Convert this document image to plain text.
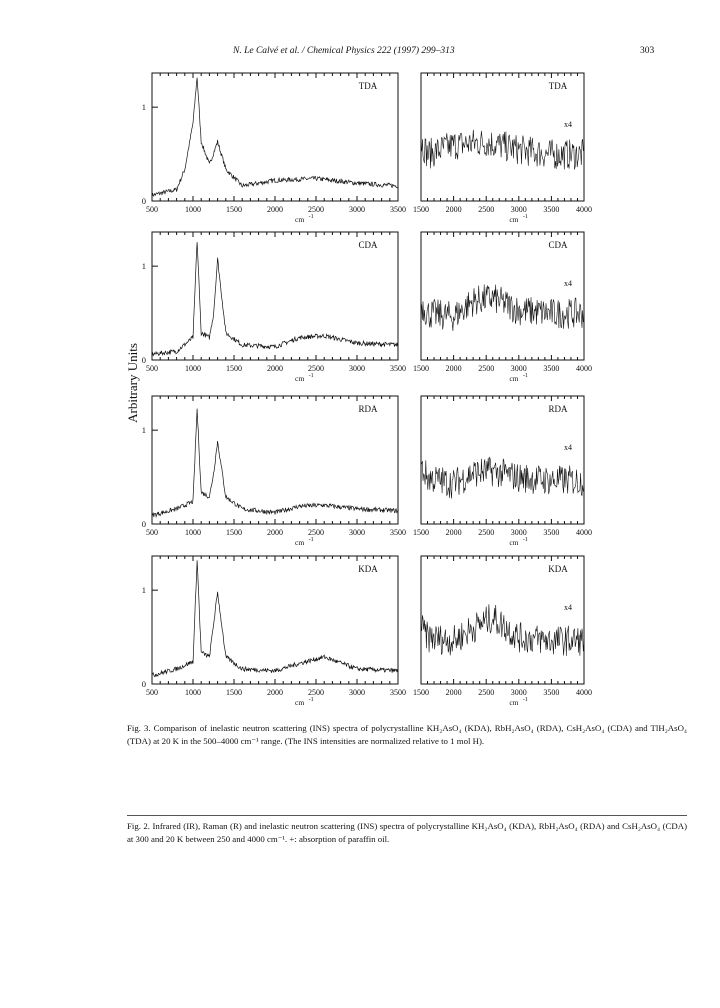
N. Le Calvé et al. / Chemical Physics 222 (1997) 299–313	303
Arbitrary Units
TDA	TDA
x4
0
1
500	1000	1500	2000	2500	3000	3500 1500 2000 2500 3000 3500 4000
cm -1	cm -1
CDA	CDA
x4
0
1
500	1000	1500	2000	2500	3000	3500 1500 2000 2500 3000 3500 4000
cm -1	cm -1
RDA	RDA
x4
0
1
500	1000	1500	2000	2500	3000	3500 1500 2000 2500 3000 3500 4000
cm -1	cm -1
KDA	KDA
x4
0
1
500	1000	1500	2000	2500	3000	3500 1500 2000 2500 3000 3500 4000
cm -1	cm -1
Fig. 3. Comparison of inelastic neutron scattering (INS) spectra of polycrystalline KH₂AsO₄ (KDA), RbH₂AsO₄ (RDA), CsH₂AsO₄ (CDA) and TlH₂AsO₄ (TDA) at 20 K in the 500–4000 cm⁻¹ range. (The INS intensities are normalized relative to 1 mol H).
Fig. 2. Infrared (IR), Raman (R) and inelastic neutron scattering (INS) spectra of polycrystalline KH₂AsO₄ (KDA), RbH₂AsO₄ (RDA) and CsH₂AsO₄ (CDA) at 300 and 20 K between 250 and 4000 cm⁻¹. +: absorption of paraffin oil.
